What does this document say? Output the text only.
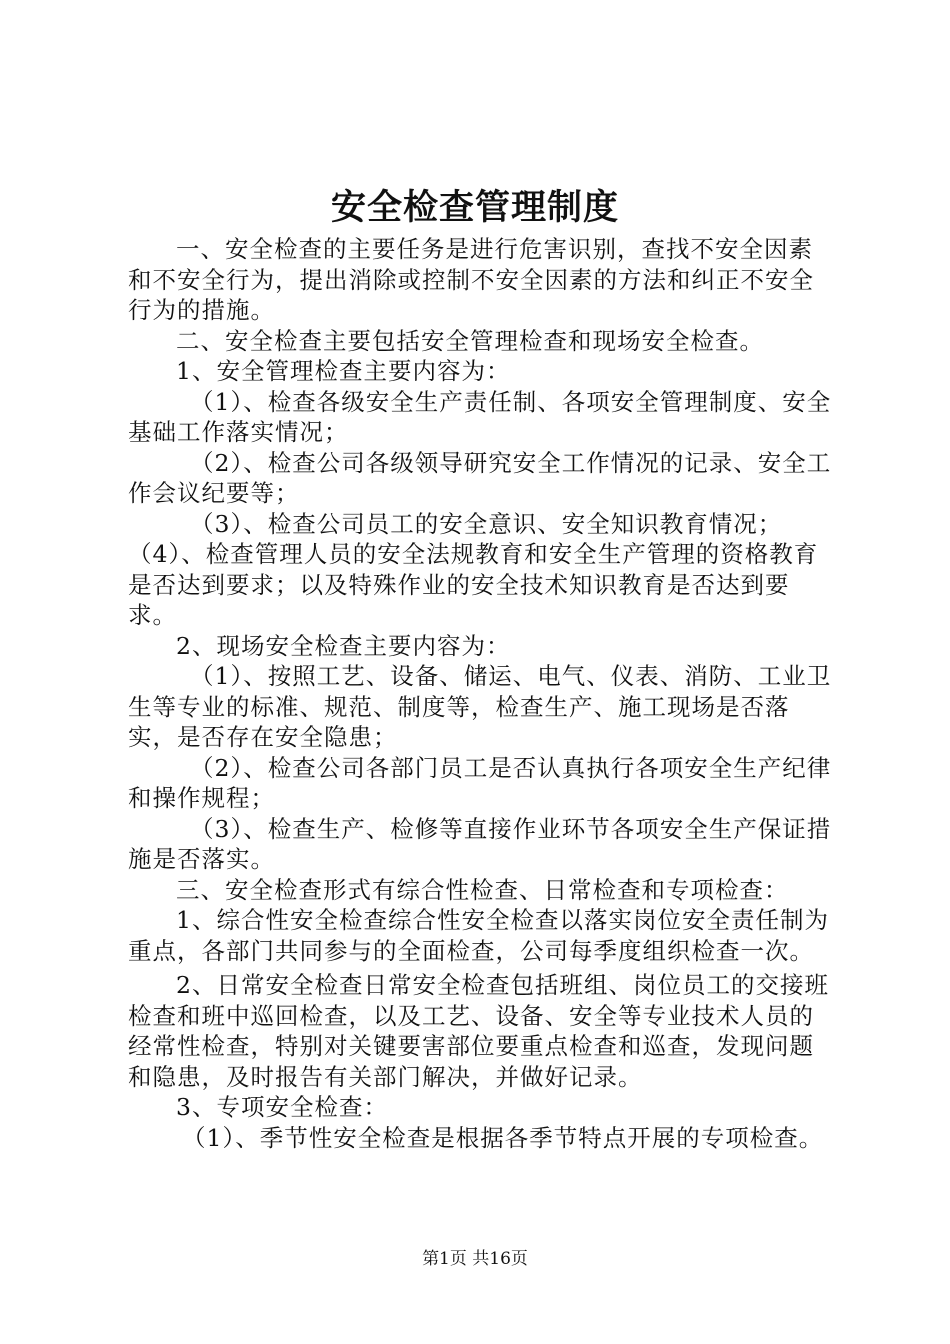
安全检查管理制度

一、安全检查的主要任务是进行危害识别，查找不安全因素和不安全行为，提出消除或控制不安全因素的方法和纠正不安全行为的措施。

二、安全检查主要包括安全管理检查和现场安全检查。

1、安全管理检查主要内容为：

（1）、检查各级安全生产责任制、各项安全管理制度、安全基础工作落实情况；

（2）、检查公司各级领导研究安全工作情况的记录、安全工作会议纪要等；

（3）、检查公司员工的安全意识、安全知识教育情况；

（4）、检查管理人员的安全法规教育和安全生产管理的资格教育是否达到要求；以及特殊作业的安全技术知识教育是否达到要求。

2、现场安全检查主要内容为：

（1）、按照工艺、设备、储运、电气、仪表、消防、工业卫生等专业的标准、规范、制度等，检查生产、施工现场是否落实，是否存在安全隐患；

（2）、检查公司各部门员工是否认真执行各项安全生产纪律和操作规程；

（3）、检查生产、检修等直接作业环节各项安全生产保证措施是否落实。

三、安全检查形式有综合性检查、日常检查和专项检查：

1、综合性安全检查综合性安全检查以落实岗位安全责任制为重点，各部门共同参与的全面检查，公司每季度组织检查一次。

2、日常安全检查日常安全检查包括班组、岗位员工的交接班检查和班中巡回检查，以及工艺、设备、安全等专业技术人员的经常性检查，特别对关键要害部位要重点检查和巡查，发现问题和隐患，及时报告有关部门解决，并做好记录。

3、专项安全检查：

（1）、季节性安全检查是根据各季节特点开展的专项检查。

第1页 共16页
